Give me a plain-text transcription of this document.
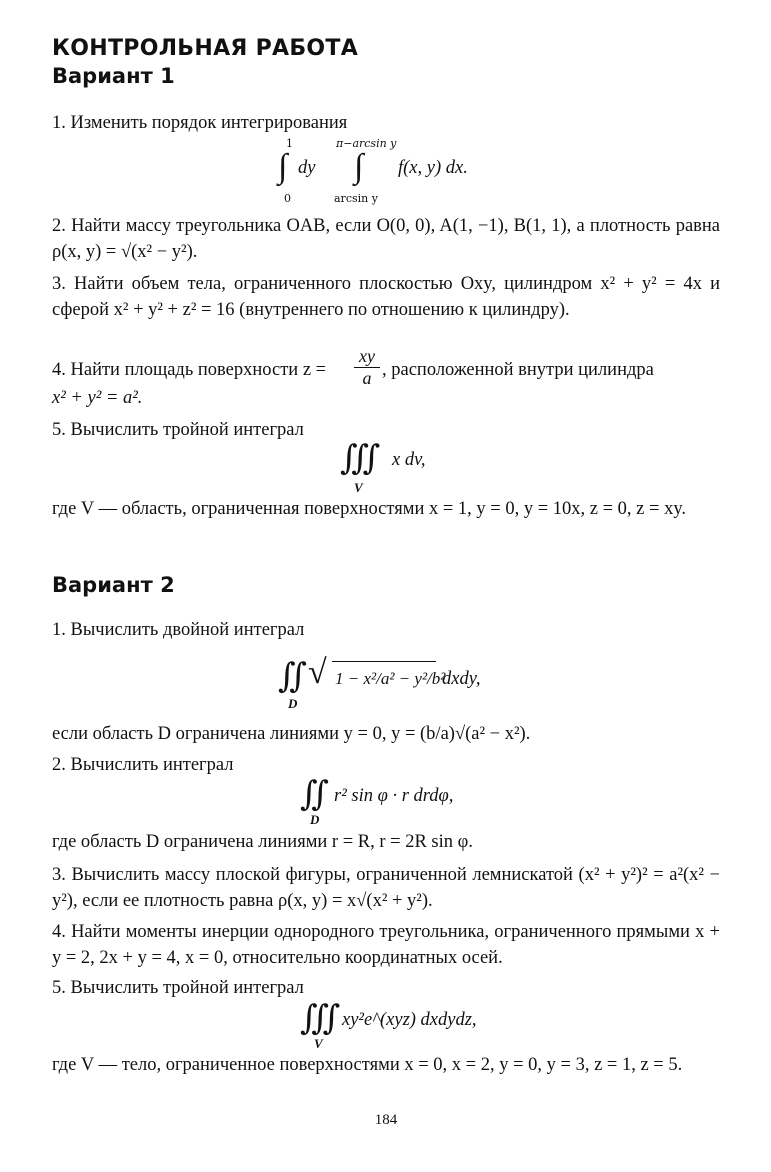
КОНТРОЛЬНАЯ РАБОТА
Вариант 1
1. Изменить порядок интегрирования
1
∫ dy
0
π−arcsin y
∫
arcsin y
f(x, y) dx.
2. Найти массу треугольника OAB, если O(0, 0), A(1, −1), B(1, 1), а плотность равна ρ(x, y) = √(x² − y²).
3. Найти объем тела, ограниченного плоскостью Oxy, цилиндром x² + y² = 4x и сферой x² + y² + z² = 16 (внутреннего по отношению к цилиндру).
4. Найти площадь поверхности $z = \frac{xy}{a}$ , расположенной внутри цилиндра
x² + y² = a².
5. Вычислить тройной интеграл
∭ x dv,
V
где V — область, ограниченная поверхностями x = 1, y = 0, y = 10x, z = 0, z = xy.
Вариант 2
1. Вычислить двойной интеграл
∬ √ 1 − x²/a² − y²/b²
dxdy,
D
если область D ограничена линиями y = 0, y = (b/a)√(a² − x²).
2. Вычислить интеграл
∬ r² sin φ · r drdφ,
D
где область D ограничена линиями r = R, r = 2R sin φ.
3. Вычислить массу плоской фигуры, ограниченной лемнискатой (x² + y²)² = a²(x² − y²), если ее плотность равна ρ(x, y) = x√(x² + y²).
4. Найти моменты инерции однородного треугольника, ограниченного прямыми x + y = 2, 2x + y = 4, x = 0, относительно координатных осей.
5. Вычислить тройной интеграл
∭ xy²e^(xyz) dxdydz,
V
где V — тело, ограниченное поверхностями x = 0, x = 2, y = 0, y = 3, z = 1, z = 5.
184
